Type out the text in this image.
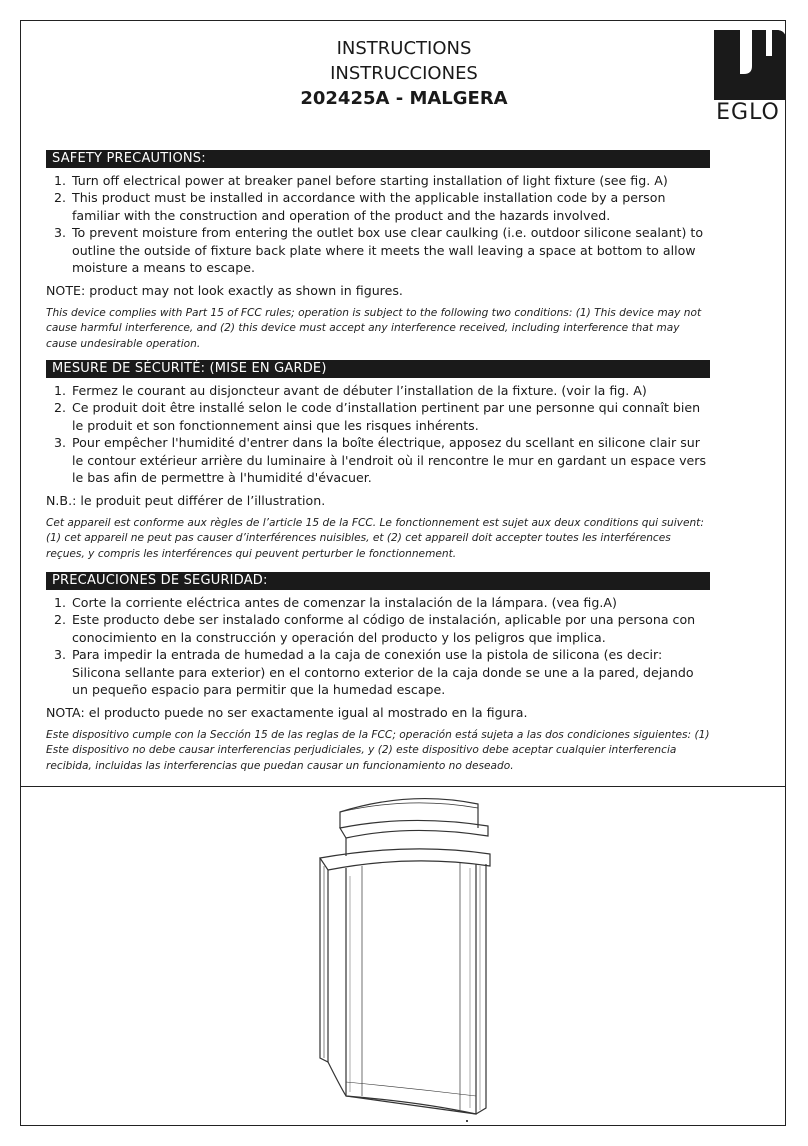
INSTRUCTIONS
INSTRUCCIONES
202425A - MALGERA
EGLO
SAFETY PRECAUTIONS:
1. Turn off electrical power at breaker panel before starting installation of light fixture (see fig. A)
2. This product must be installed in accordance with the applicable installation code by a person familiar with the construction and operation of the product and the hazards involved.
3. To prevent moisture from entering the outlet box use clear caulking (i.e. outdoor silicone sealant) to outline the outside of fixture back plate where it meets the wall leaving a space at bottom to allow moisture a means to escape.
NOTE: product may not look exactly as shown in figures.
This device complies with Part 15 of FCC rules; operation is subject to the following two conditions: (1) This device may not cause harmful interference, and (2) this device must accept any interference received, including interference that may cause undesirable operation.
MESURE DE SÉCURITÉ: (MISE EN GARDE)
1. Fermez le courant au disjoncteur avant de débuter l’installation de la fixture. (voir la fig. A)
2. Ce produit doit être installé selon le code d’installation pertinent par une personne qui connaît bien le produit et son fonctionnement ainsi que les risques inhérents.
3. Pour empêcher l'humidité d'entrer dans la boîte électrique, apposez du scellant en silicone clair sur le contour extérieur arrière du luminaire à l'endroit où il rencontre le mur en gardant un espace vers le bas afin de permettre à l'humidité d'évacuer.
N.B.: le produit peut différer de l’illustration.
Cet appareil est conforme aux règles de l’article 15 de la FCC. Le fonctionnement est sujet aux deux conditions qui suivent: (1) cet appareil ne peut pas causer d’interférences nuisibles, et (2) cet appareil doit accepter toutes les interférences reçues, y compris les interférences qui peuvent perturber le fonctionnement.
PRECAUCIONES DE SEGURIDAD:
1. Corte la corriente eléctrica antes de comenzar la instalación de la lámpara. (vea fig.A)
2. Este producto debe ser instalado conforme al código de instalación, aplicable por una persona con conocimiento en la construcción y operación del producto y los peligros que implica.
3. Para impedir la entrada de humedad a la caja de conexión use la pistola de silicona (es decir: Silicona sellante para exterior) en el contorno exterior de la caja donde se une a la pared, dejando un pequeño espacio para permitir que la humedad escape.
NOTA: el producto puede no ser exactamente igual al mostrado en la figura.
Este dispositivo cumple con la Sección 15 de las reglas de la FCC; operación está sujeta a las dos condiciones siguientes: (1) Este dispositivo no debe causar interferencias perjudiciales, y (2) este dispositivo debe aceptar cualquier interferencia recibida, incluidas las interferencias que puedan causar un funcionamiento no deseado.
